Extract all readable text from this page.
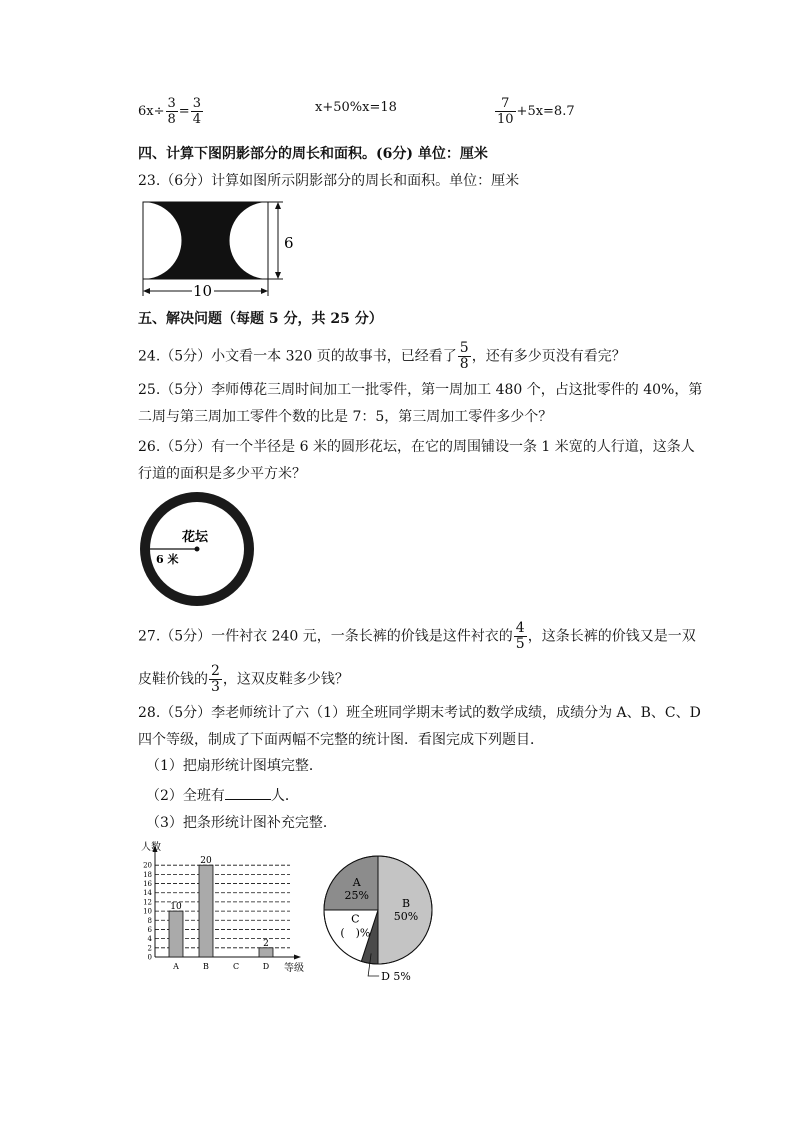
$6x\div \frac{3}{8} = \frac{3}{4}$	x+50%x=18	$\frac{7}{10} +5x=8.7$
四、计算下图阴影部分的周长和面积。(6分) 单位：厘米
23.（6分）计算如图所示阴影部分的周长和面积。单位：厘米
6
10
五、解决问题（每题 5 分，共 25 分）
24.（5分）小文看一本 320 页的故事书，已经看了 $\frac{5}{8}$ ，还有多少页没有看完？
25.（5分）李师傅花三周时间加工一批零件，第一周加工 480 个，占这批零件的 40%，第
二周与第三周加工零件个数的比是 7：5，第三周加工零件多少个？
26.（5分）有一个半径是 6 米的圆形花坛，在它的周围铺设一条 1 米宽的人行道，这条人
行道的面积是多少平方米？
花坛
6 米
27.（5分）一件衬衣 240 元，一条长裤的价钱是这件衬衣的 $\frac{4}{5}$ ，这条长裤的价钱又是一双
皮鞋价钱的 $\frac{2}{3}$ ，这双皮鞋多少钱？
28.（5分）李老师统计了六（1）班全班同学期末考试的数学成绩，成绩分为 A、B、C、D
四个等级，制成了下面两幅不完整的统计图．看图完成下列题目．
（1）把扇形统计图填完整．
（2）全班有	人．
（3）把条形统计图补充完整．
人数
等级
0
2
4
6
8
10
12
14
16
18
20
A
10
B
20
C	D
2
A
25%
B
50%
C
(　)%
D 5%
